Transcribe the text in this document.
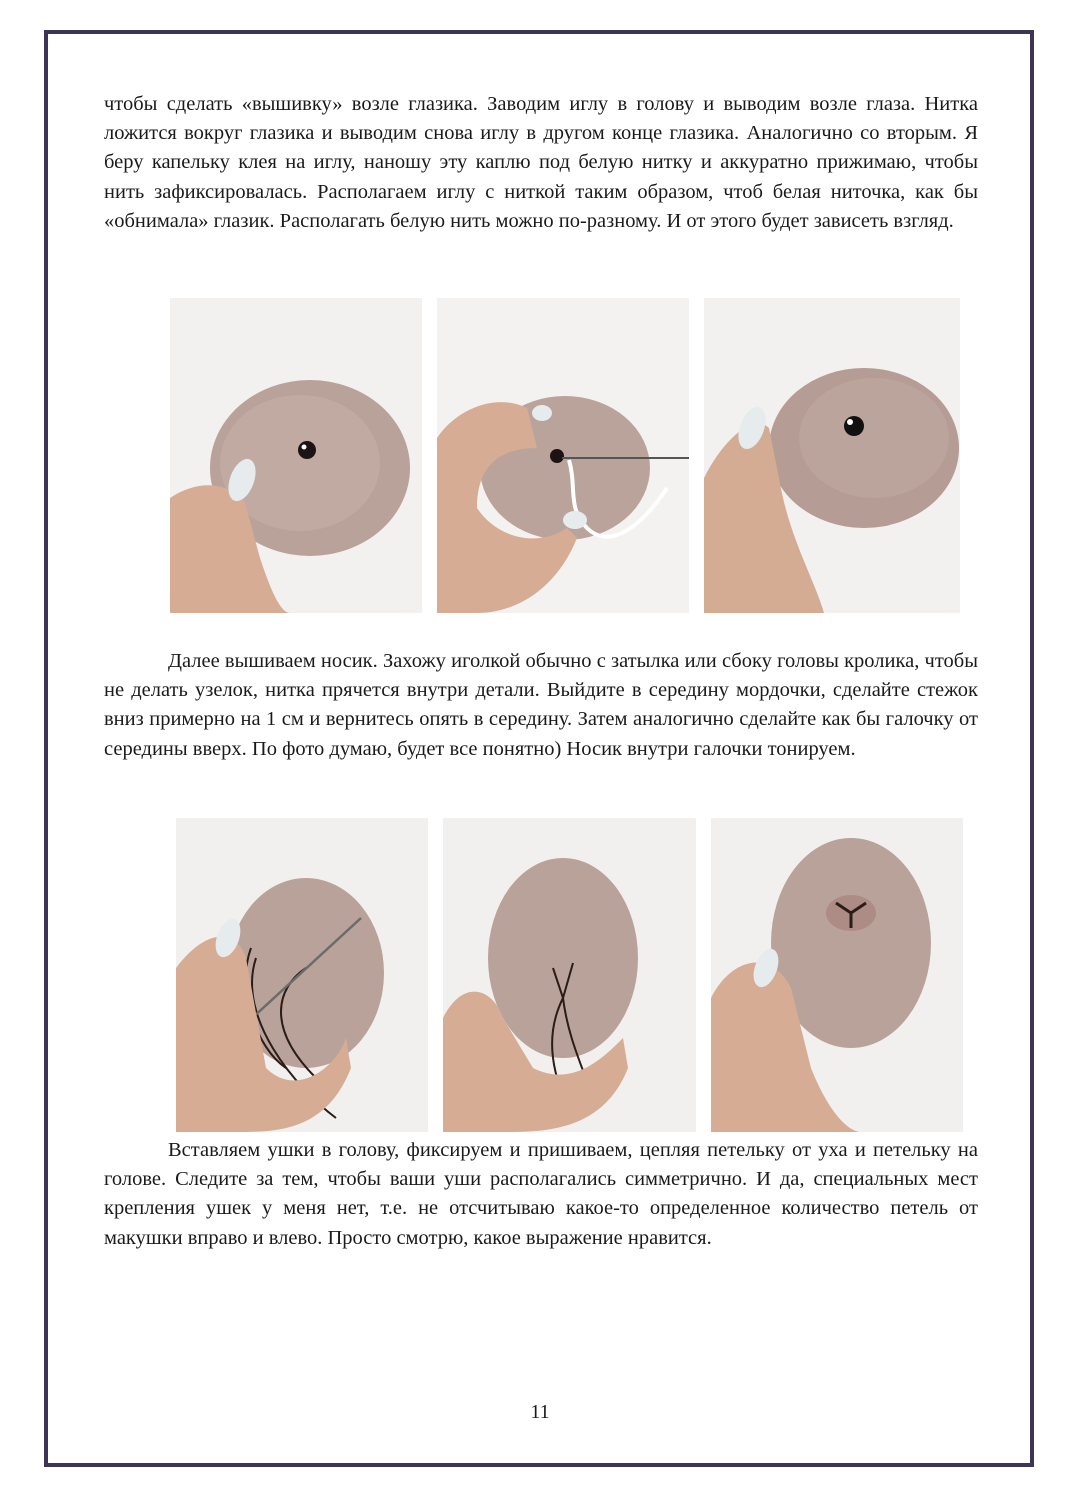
чтобы сделать «вышивку» возле глазика. Заводим иглу в голову и выводим возле глаза. Нитка ложится вокруг глазика и выводим снова иглу в другом конце глазика. Аналогично со вторым. Я беру капельку клея на иглу, наношу эту каплю под белую нитку и аккуратно прижимаю, чтобы нить зафиксировалась. Располагаем иглу с ниткой таким образом, чтоб белая ниточка, как бы «обнимала» глазик. Располагать белую нить можно по-разному. И от этого будет зависеть взгляд.

Далее вышиваем носик. Захожу иголкой обычно с затылка или сбоку головы кролика, чтобы не делать узелок, нитка прячется внутри детали. Выйдите в середину мордочки, сделайте стежок вниз примерно на 1 см и вернитесь опять в середину. Затем аналогично сделайте как бы галочку от середины вверх. По фото думаю, будет все понятно) Носик внутри галочки тонируем.

Вставляем ушки в голову, фиксируем и пришиваем, цепляя петельку от уха и петельку на голове. Следите за тем, чтобы ваши уши располагались симметрично. И да, специальных мест крепления ушек у меня нет, т.е. не отсчитываю какое-то определенное количество петель от макушки вправо и влево. Просто смотрю, какое выражение нравится.

11
